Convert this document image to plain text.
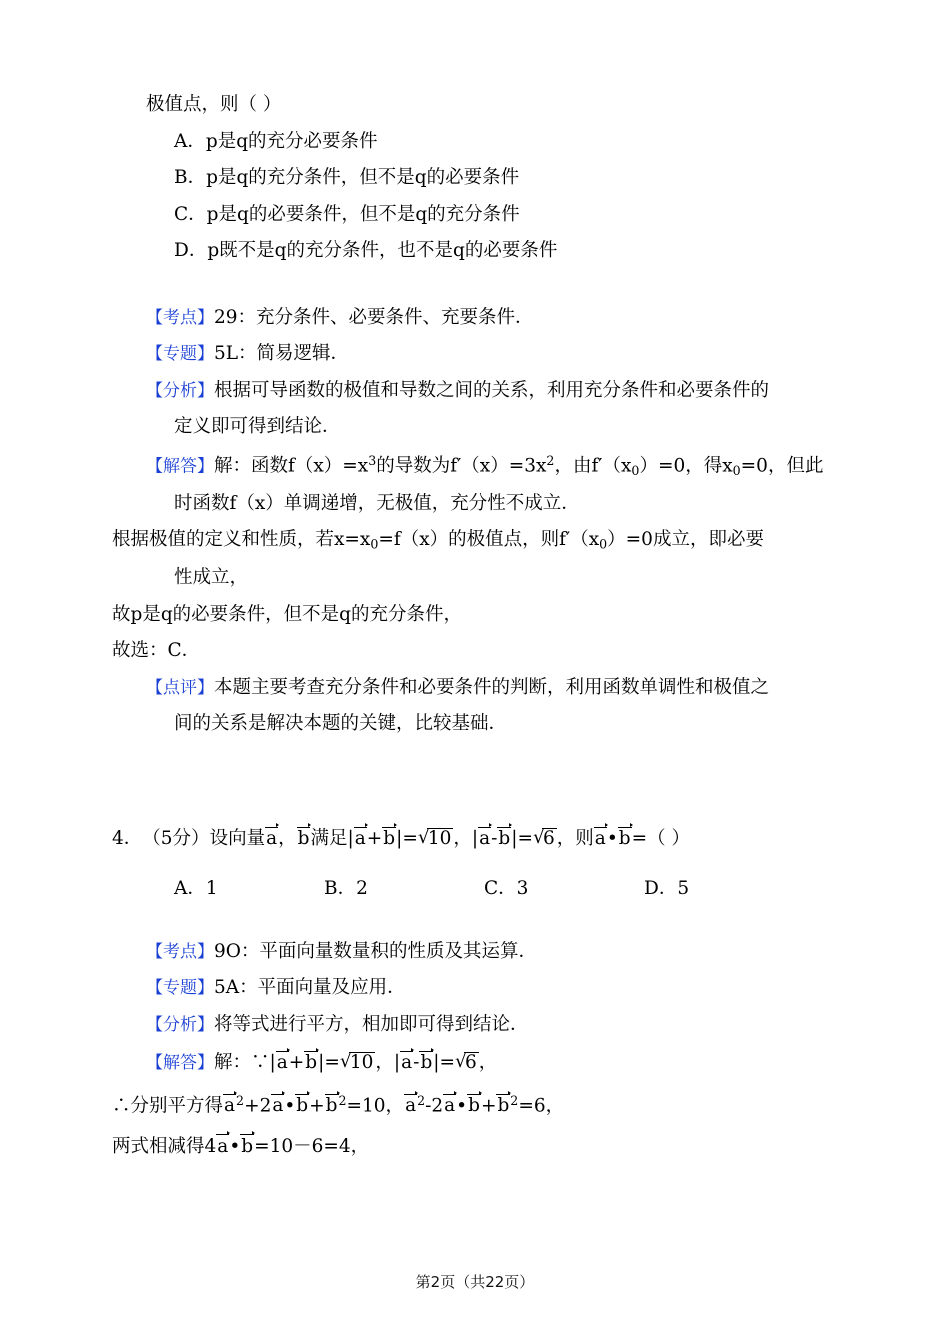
极值点，则（ ）
A．p是q的充分必要条件
B．p是q的充分条件，但不是q的必要条件
C．p是q的必要条件，但不是q的充分条件
D．p既不是q的充分条件，也不是q的必要条件
【考点】29：充分条件、必要条件、充要条件．
【专题】5L：简易逻辑．
【分析】根据可导函数的极值和导数之间的关系，利用充分条件和必要条件的
定义即可得到结论．
【解答】解：函数$f(x)=x^3$的导数为$f'(x)=3x^2$，由$f'(x_0)=0$，得$x_0=0$，但此
时函数f（x）单调递增，无极值，充分性不成立．
根据极值的定义和性质，若$x=x_0=f(x)$的极值点，则$f'(x_0)=0$成立，即必要
性成立，
故p是q的必要条件，但不是q的充分条件，
故选：C．
【点评】本题主要考查充分条件和必要条件的判断，利用函数单调性和极值之
间的关系是解决本题的关键，比较基础．
4．（5分）设向量a，b满足|a+b|= √ 10 ，|a-b|= √ 6 ，则a•b=（ ）
A．1	B．2	C．3	D．5
【考点】9O：平面向量数量积的性质及其运算．
【专题】5A：平面向量及应用．
【分析】将等式进行平方，相加即可得到结论．
【解答】解：∵|a+b|= √ 10 ，|a-b|= √ 6 ，
∴分别平方得$a^2+2a•b+b^2=10$，$a^2-2a•b+b^2=6$，
两式相减得4a•b=10－6=4，
第2页（共22页）
